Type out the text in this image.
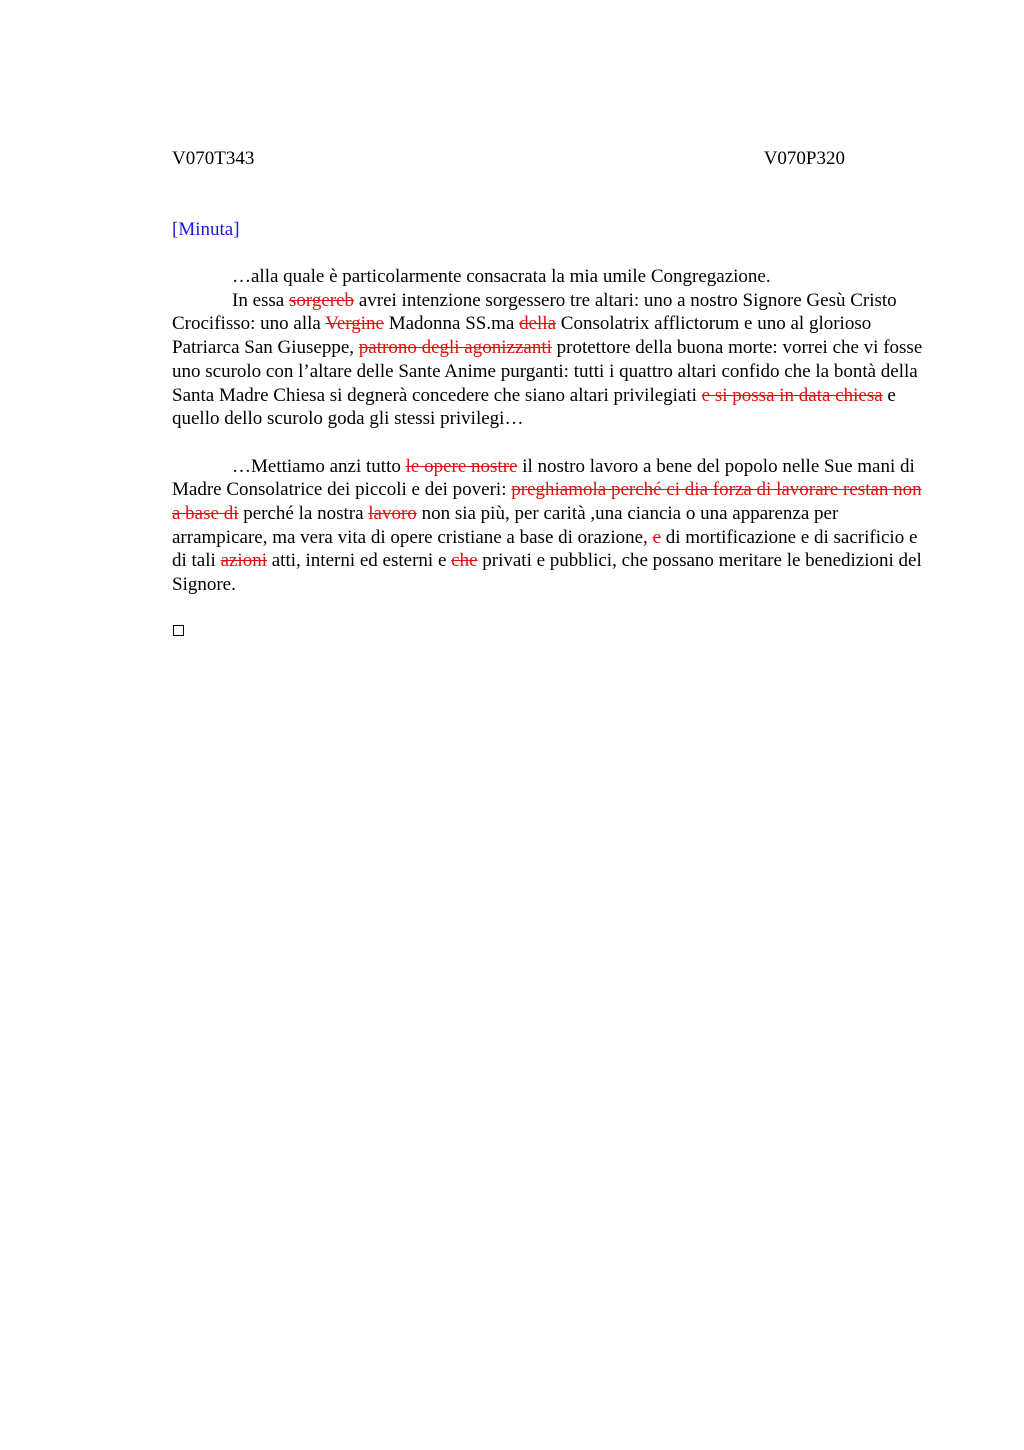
V070T343	V070P320
[Minuta]

…alla quale è particolarmente consacrata la mia umile Congregazione.

In essa sorgereb avrei intenzione sorgessero tre altari: uno a nostro Signore Gesù Cristo Crocifisso: uno alla Vergine Madonna SS.ma della Consolatrix afflictorum e uno al glorioso Patriarca San Giuseppe, patrono degli agonizzanti protettore della buona morte: vorrei che vi fosse uno scurolo con l’altare delle Sante Anime purganti: tutti i quattro altari confido che la bontà della Santa Madre Chiesa si degnerà concedere che siano altari privilegiati e si possa in data chiesa e quello dello scurolo goda gli stessi privilegi…

…Mettiamo anzi tutto le opere nostre il nostro lavoro a bene del popolo nelle Sue mani di Madre Consolatrice dei piccoli e dei poveri: preghiamola perché ci dia forza di lavorare restan non a base di perché la nostra lavoro non sia più, per carità ,una ciancia o una apparenza per arrampicare, ma vera vita di opere cristiane a base di orazione, e di mortificazione e di sacrificio e di tali azioni atti, interni ed esterni e che privati e pubblici, che possano meritare le benedizioni del Signore.
